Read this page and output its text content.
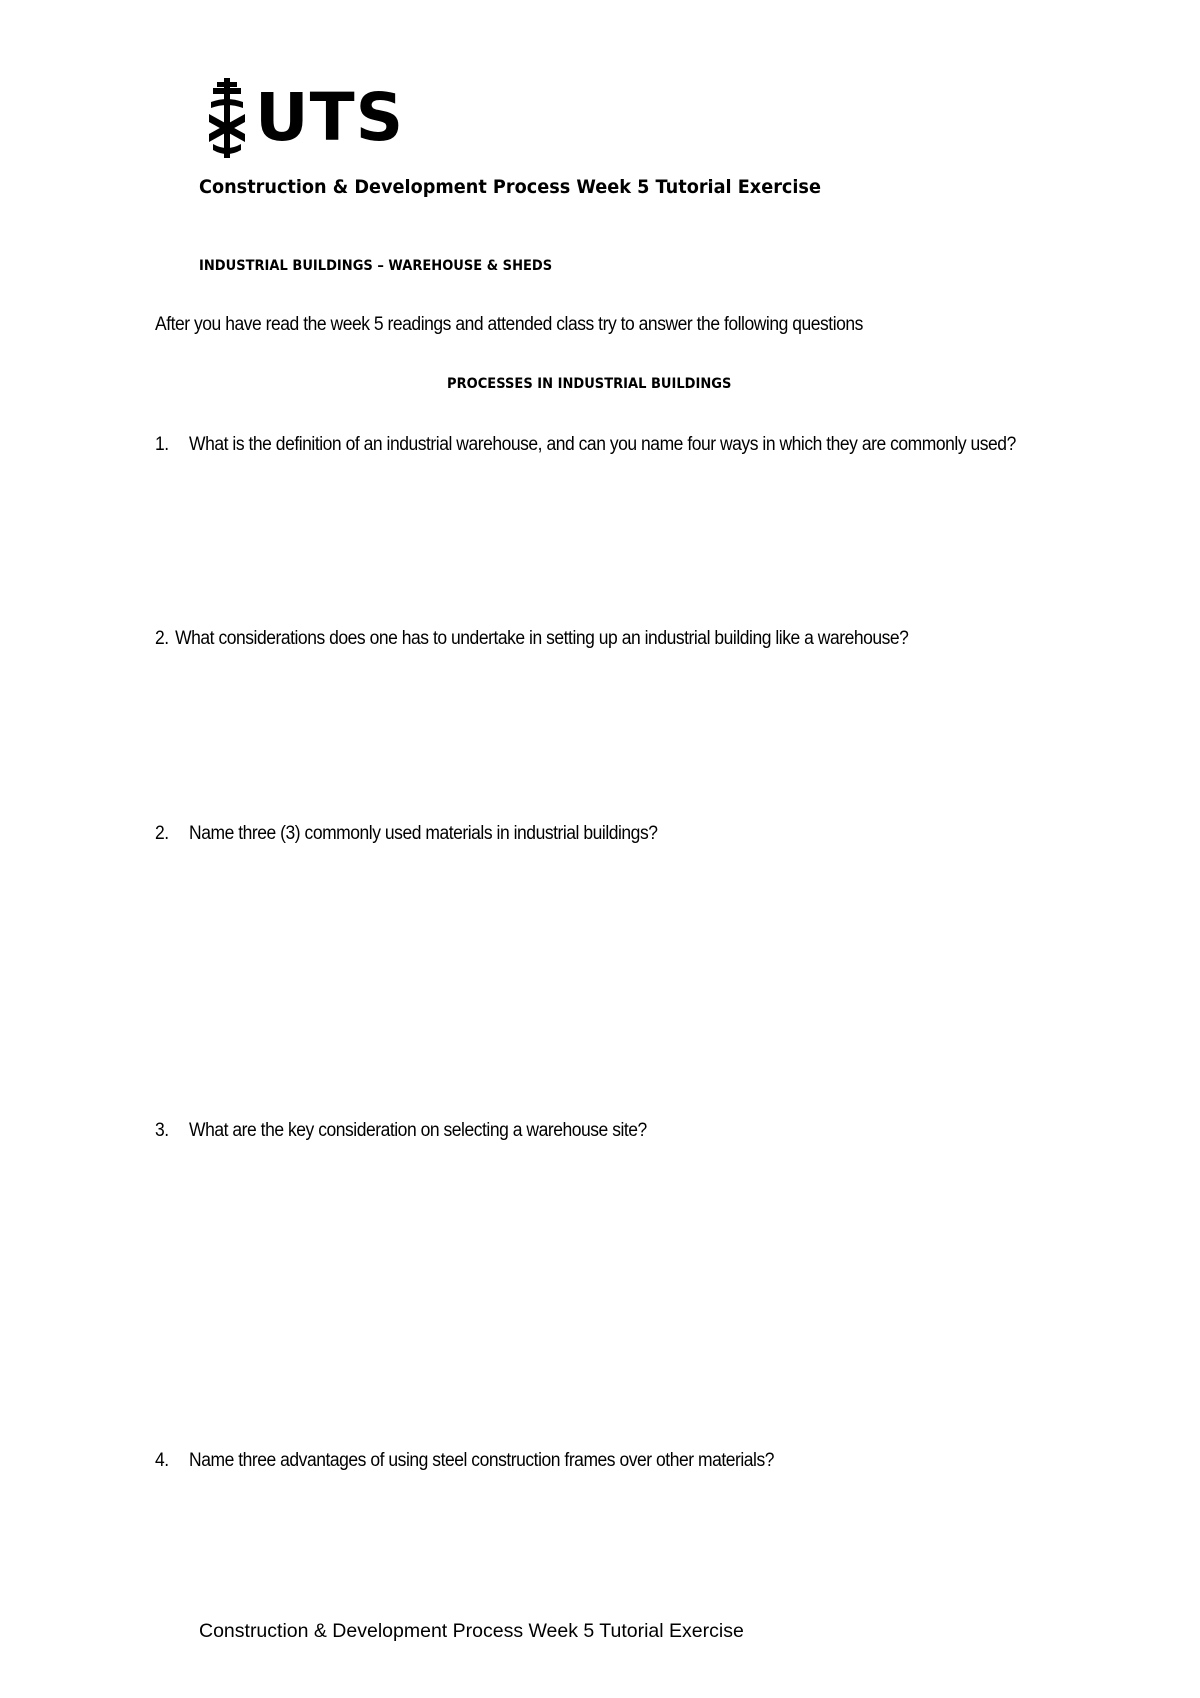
UTS
Construction & Development Process Week 5 Tutorial Exercise
INDUSTRIAL BUILDINGS – WAREHOUSE & SHEDS
After you have read the week 5 readings and attended class try to answer the following questions
PROCESSES IN INDUSTRIAL BUILDINGS
1. What is the definition of an industrial warehouse, and can you name four ways in which they are commonly used?
2. What considerations does one has to undertake in setting up an industrial building like a warehouse?
2. Name three (3) commonly used materials in industrial buildings?
3. What are the key consideration on selecting a warehouse site?
4. Name three advantages of using steel construction frames over other materials?
Construction & Development Process Week 5 Tutorial Exercise
